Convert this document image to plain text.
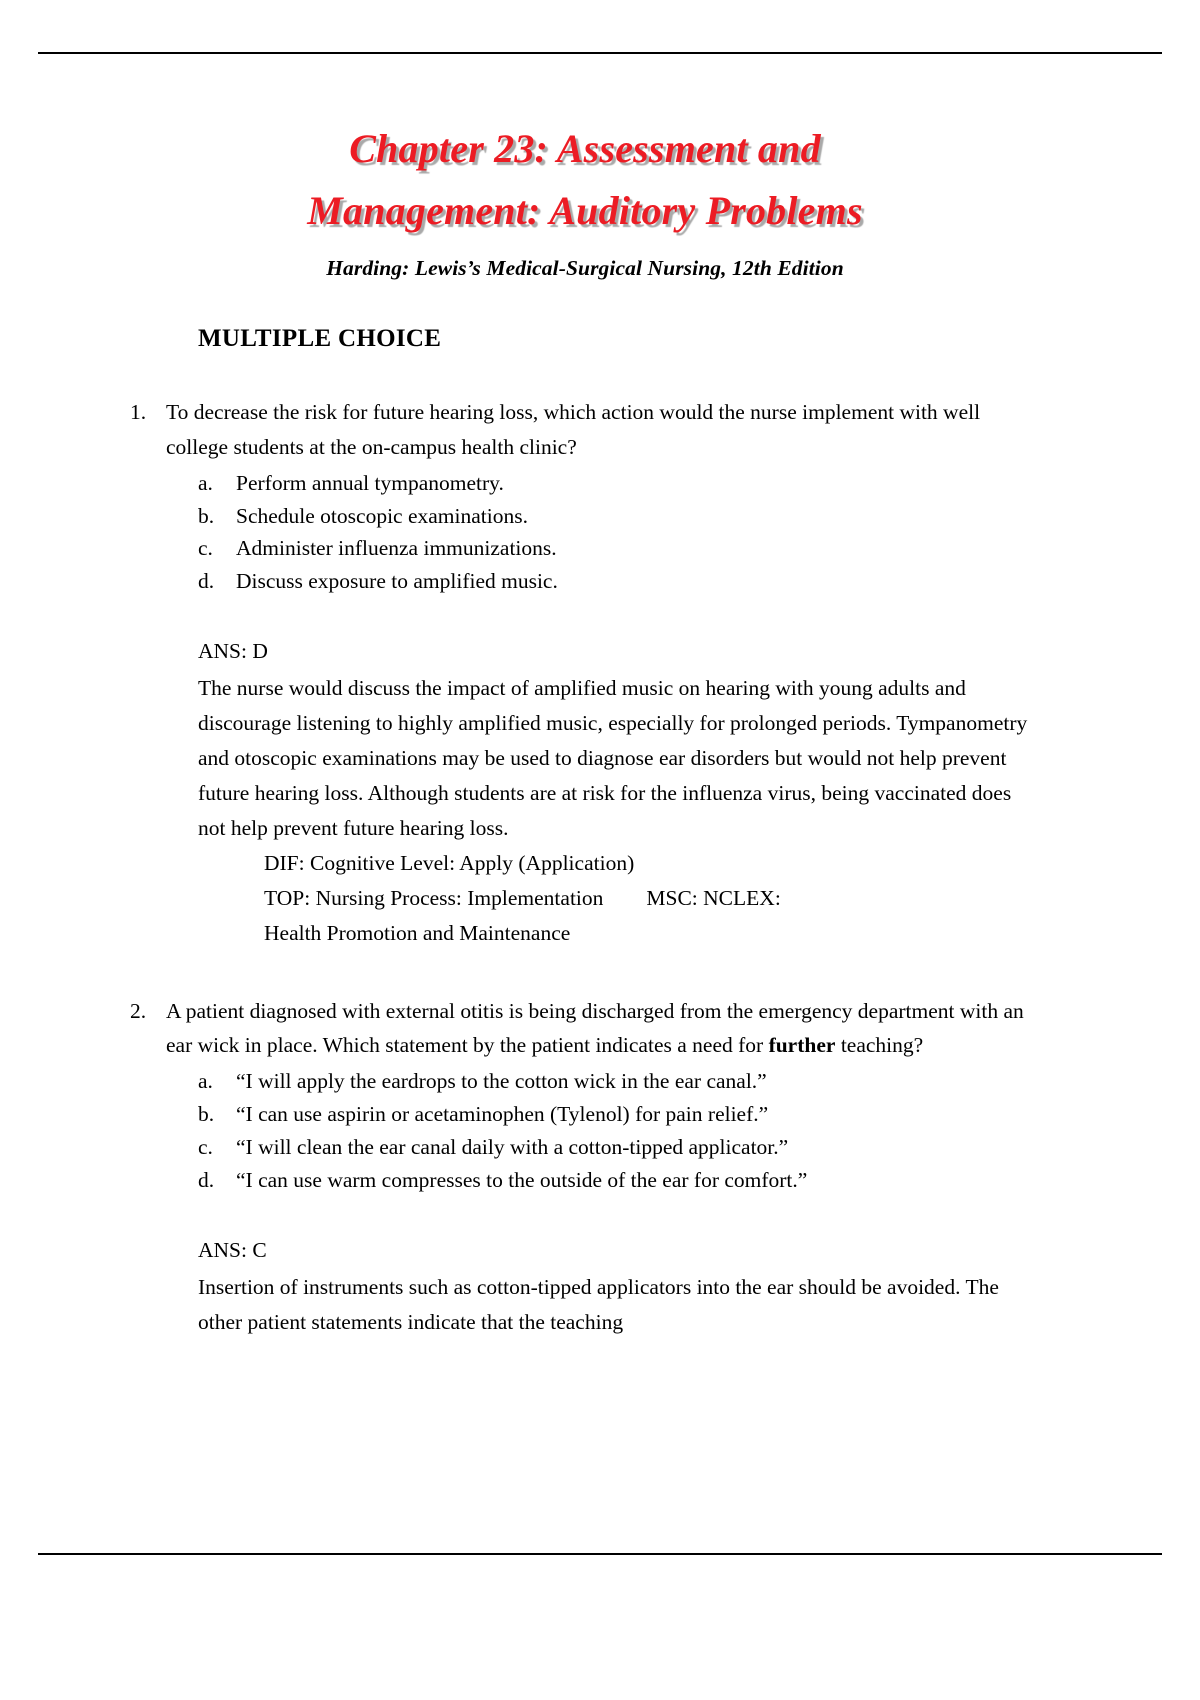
Chapter 23: Assessment and
Management: Auditory Problems
Harding: Lewis’s Medical-Surgical Nursing, 12th Edition
MULTIPLE CHOICE
1. To decrease the risk for future hearing loss, which action would the nurse implement with well college students at the on-campus health clinic?
a. Perform annual tympanometry.
b. Schedule otoscopic examinations.
c. Administer influenza immunizations.
d. Discuss exposure to amplified music.
ANS: D
The nurse would discuss the impact of amplified music on hearing with young adults and discourage listening to highly amplified music, especially for prolonged periods. Tympanometry and otoscopic examinations may be used to diagnose ear disorders but would not help prevent future hearing loss. Although students are at risk for the influenza virus, being vaccinated does not help prevent future hearing loss.
DIF: Cognitive Level: Apply (Application)
TOP: Nursing Process: Implementation        MSC: NCLEX:
Health Promotion and Maintenance
2. A patient diagnosed with external otitis is being discharged from the emergency department with an ear wick in place. Which statement by the patient indicates a need for further teaching?
a. “I will apply the eardrops to the cotton wick in the ear canal.”
b. “I can use aspirin or acetaminophen (Tylenol) for pain relief.”
c. “I will clean the ear canal daily with a cotton-tipped applicator.”
d. “I can use warm compresses to the outside of the ear for comfort.”
ANS: C
Insertion of instruments such as cotton-tipped applicators into the ear should be avoided. The other patient statements indicate that the teaching
